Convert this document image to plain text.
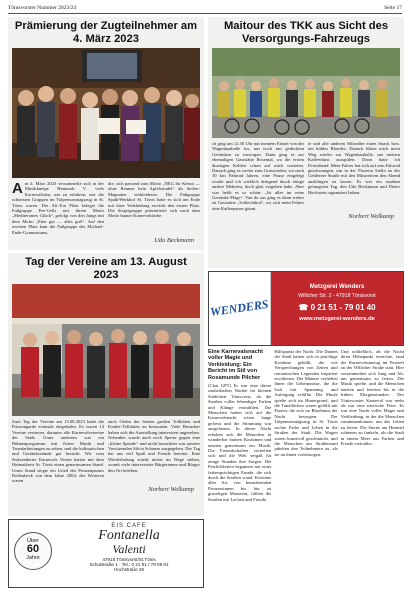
Tönisvorster Nummer 2023/24	Seite 17
Prämierung der Zugteilnehmer am 4. März 2023
A m 4. März 2023 versammelte sich in der Musikkneipe Hemmoh V. viele Karnevalisten, um zu erfahren, wer die schönsten Gruppen im Tulpensonntagszug in St. Tönis waren. Der Alt-Ton Platz belegte die Fußgruppe Pee-Gells mit ihrem Motto „Mediterranes Glück“, gefolgt von den Jungs mit dem Motto „Eine gut — alles gut!“. Auf den zweiten Platz kam die Fußgruppe des Michael-Ende-Gymnasiums,
die, sich passend zum Motto „NEG für Kenzo — ohne Rennen kein Apfelstrudel“ als Seifen-Magnaten verkleideten. Die Fußgruppe SpaßeWerkhof St. Tönis hatte es sich am Ende mit ihrer Verkleidung erreicht den ersten Platz. Die Siegergruppe präsentierte sich nach dem Motto bunter Karnevalsfarbe.
Udo Beckmann
Tag der Vereine am 13. August 2023
Zum Tag der Vereine am 13.08.2023 hatte die Prinzengarde erstmals eingeladen. Es waren 14 Vereine vertreten, darunter alle Karnevalsvereine der Stadt. Unter anderem war ein Bühnenprogramm mit flotter Musik und Tanzdarbietungen zu sehen, und die kulinarischen und Getränkestände gut besucht. Wir vom Stolzenderter Karnevals Verein hatten mit dem Heimatkreis St. Tönis einen gemeinsamen Stand. Unser Stand zeigte ein Urteil des Prinzenpaares Rollenbeck von dem Jahre 2004, des Weiteren waren
auch Orden der letzten großen Tollitäten und Kinder-Tollitäten zu bestaunen. Viele Besucher haben sich die Ausstellung interessiert angesehen. Nebenher wurde auch noch Speise gegen eine „kleine Spende“ und nicht besuchten von unserer Vorsitzenden Silvia Schanze ausgegeben. Der Tag hat uns viel Spaß und Freude bereitet. Eine Wiederholung würde nichts im Wege stehen, womit viele interessierte Bürgerinnen und Bürger den Ort beleben.
Norbert Welkamp
Über
60
Jahre
EIS CAFE
Fontanella
Valenti
47918 Tönisvorst/St.Tönis
Schulstraße 1 · Tel.: 0 21 51 / 79 08 81
Hochstraße 26
Maitour des TKK aus Sicht des Versorgungs-Fahrzeugs
ch ging um 12.30 Uhr mit meinem Fahrer von der Wagenbauhalle los, um noch mit gedeckten Getränken zu versorgen. Dann ging es zur ehemaligen Gaststätte Rosental, wo die ersten durstigen Kehlen schon auf mich warteten. Danach ging es weiter zum Grasweiden, wo nach 10 km Fahrrad fahren, eine Pause eingelegt wurde und ich wirklich dringend durch einige andere Mehrtest, doch glatt vergeben habe. Aber was heißt es so schön: „Ist alles im reine Getränke-Pläge“. Von da aus ging es dann weiter zu Gaststätte „Schlechthof“, wo sich mein Fahrer eine Kaffeepause gönnt.
te und alle anderen Mitradler einen Snack bzw. ein kühles Blondes. Danach führte mich mein Weg wieder zur Wagenbauhalle, um meinen Kaffeedurst ausspülen. Dann hatte ich Feierabend. Mein Fahrer hat sich auf sein Fahrrad geschwungen, um in der Pizzeria Stella an der Gelderner Straße mit den Mitstreitern den Abend ausklingen zu lassen. Es war ein rundum gelungener Tag, den Udo Beckmann und Dieter Heckstein organisiert haben.
Norbert Welkamp
WENDERS
Metzgerei Wenders
Willicher Str. 2 - 47918 Tönisvorst
☎ 0 21 51 - 79 01 40
www.metzgerei-wenders.de
Eine Karnevalsnacht voller Magie und Verkleidung: Ein Bericht im Stil von Rosamunde Pilcher
(Chat GPT) Es war eine dieser zauberhaften Nächte im kleinen Städtchen Tönisvorst, da die Straßen voller lebendiger Farben und Klänge erstrahlten. Die Menschen hatten sich auf die Karnevalsnacht schon lange gefreut und die Stimmung war ausgelassen. In dieser Nacht erhoben sich die Menschen in wunderbar bunten Kostümen und tanzten gemeinsam zur Musik. Die Freundschaften vertieften sich und die Welt vergaß für einige Stunden ihre Sorgen. Die Festlichkeiten begannen mit einer farbenprächtigen Parade, die sich durch die Straßen wand. Kostüme aller Art, von bezaubernden Prinzessinnen bis hin zu gruseligen Monstern, füllten die Straßen mit Lachen und Freude.
Hilfspunkt der Nacht. Die Damen der Stadt hatten sich in prächtige Kostüme gehüllt, die wie Versprechungen von Zeiten und romantischen Legenden inspiriert erschienen. Die Männer verliehen ihnen die Geheimnisse, die die Luft mit Spannung und Aufregung erfüllte. Die Musik spielte sich im Hintergrund, und die Tanzflächen waren gefüllt mit Paaren, die sich im Rhythmus der Nacht bewegten. Der Tulpensonntagszug in St. Tönis suchte Farbe und Leben in die Straßen der Stadt. Die Wagen waren kunstvoll geschmückt, und die Menschen am Straßenrand jubelten den Teilnehmern zu, als sie an ihnen vorbeizogen.
Und schließlich, als die Nacht ihren Höhepunkt erreichte, fand der Karnevalsumzug im Festzelt an der Willicher Straße statt. Hier versammelten sich Jung und Alt, um gemeinsam zu feiern. Die Musik spielte, und die Menschen tanzten und feierten bis in die frühen Morgenstunden. Der Tönisvorster Karneval war mehr als nur eine närrische Feier. Es war eine Nacht voller Magie und Verkleidung, in der die Menschen zusammenkamen, um das Leben zu feiern. Die Sterne am Himmel schienen zu funkeln, als die Stadt in einem Meer aus Farben und Freude erstrahlte.
